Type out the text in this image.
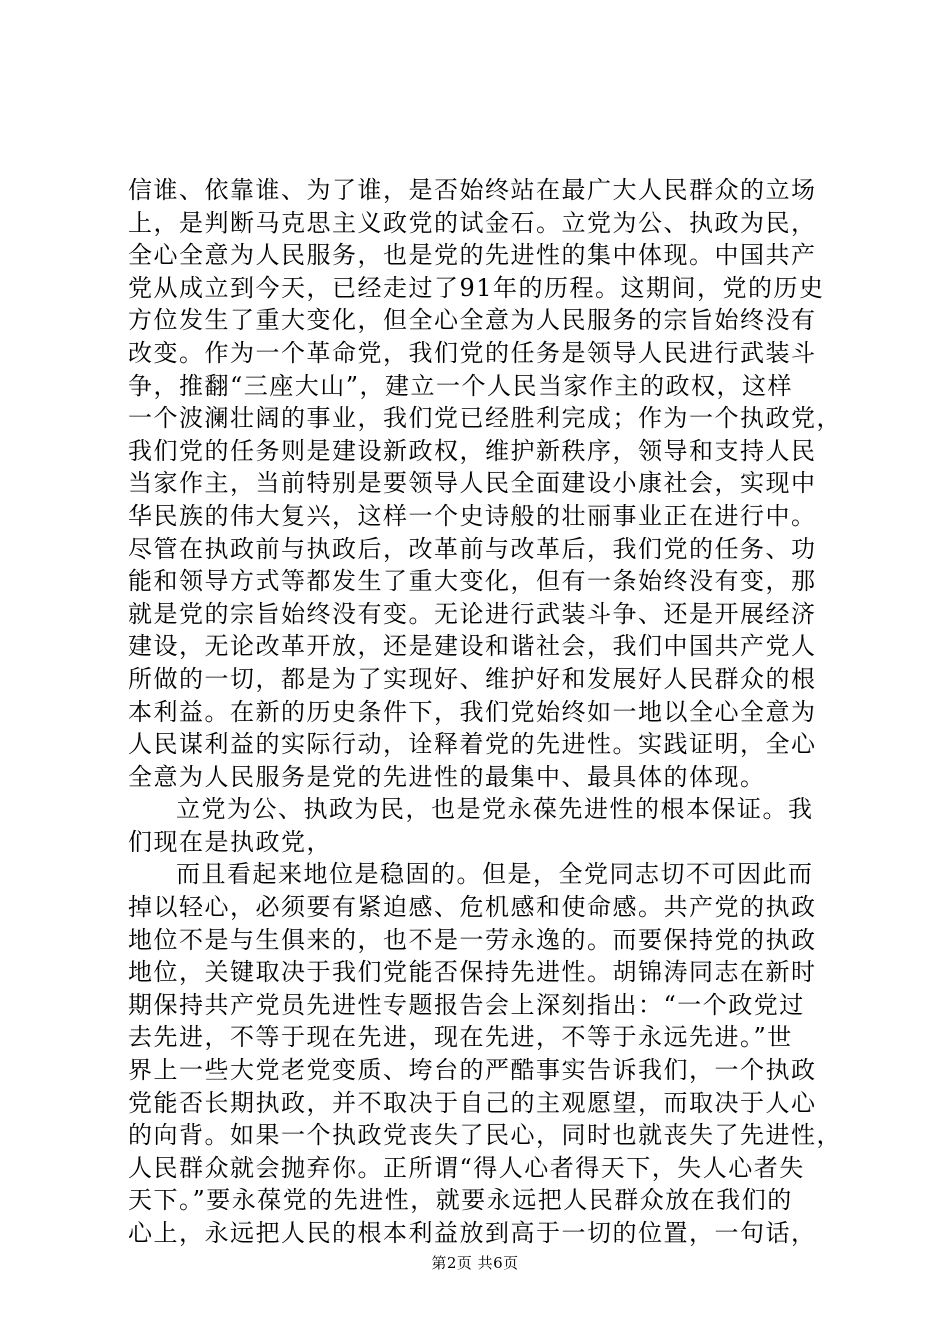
信谁、依靠谁、为了谁，是否始终站在最广大人民群众的立场
上，是判断马克思主义政党的试金石。立党为公、执政为民，
全心全意为人民服务，也是党的先进性的集中体现。中国共产
党从成立到今天，已经走过了91年的历程。这期间，党的历史
方位发生了重大变化，但全心全意为人民服务的宗旨始终没有
改变。作为一个革命党，我们党的任务是领导人民进行武装斗
争，推翻“三座大山”，建立一个人民当家作主的政权，这样
一个波澜壮阔的事业，我们党已经胜利完成；作为一个执政党，
我们党的任务则是建设新政权，维护新秩序，领导和支持人民
当家作主，当前特别是要领导人民全面建设小康社会，实现中
华民族的伟大复兴，这样一个史诗般的壮丽事业正在进行中。
尽管在执政前与执政后，改革前与改革后，我们党的任务、功
能和领导方式等都发生了重大变化，但有一条始终没有变，那
就是党的宗旨始终没有变。无论进行武装斗争、还是开展经济
建设，无论改革开放，还是建设和谐社会，我们中国共产党人
所做的一切，都是为了实现好、维护好和发展好人民群众的根
本利益。在新的历史条件下，我们党始终如一地以全心全意为
人民谋利益的实际行动，诠释着党的先进性。实践证明，全心
全意为人民服务是党的先进性的最集中、最具体的体现。
立党为公、执政为民，也是党永葆先进性的根本保证。我
们现在是执政党，
而且看起来地位是稳固的。但是，全党同志切不可因此而
掉以轻心，必须要有紧迫感、危机感和使命感。共产党的执政
地位不是与生俱来的，也不是一劳永逸的。而要保持党的执政
地位，关键取决于我们党能否保持先进性。胡锦涛同志在新时
期保持共产党员先进性专题报告会上深刻指出：“一个政党过
去先进，不等于现在先进，现在先进，不等于永远先进。”世
界上一些大党老党变质、垮台的严酷事实告诉我们，一个执政
党能否长期执政，并不取决于自己的主观愿望，而取决于人心
的向背。如果一个执政党丧失了民心，同时也就丧失了先进性，
人民群众就会抛弃你。正所谓“得人心者得天下，失人心者失
天下。”要永葆党的先进性，就要永远把人民群众放在我们的
心上，永远把人民的根本利益放到高于一切的位置，一句话，
第2页 共6页
